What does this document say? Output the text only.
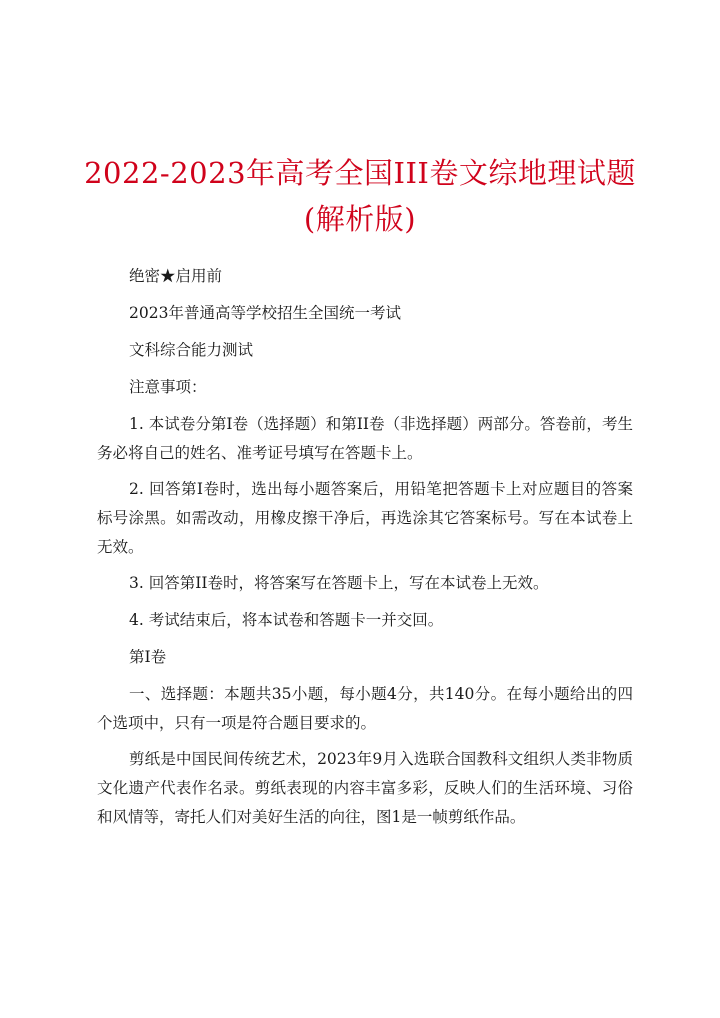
2022-2023年高考全国III卷文综地理试题(解析版)

绝密★启用前

2023年普通高等学校招生全国统一考试

文科综合能力测试

注意事项：

1. 本试卷分第I卷（选择题）和第II卷（非选择题）两部分。答卷前，考生务必将自己的姓名、准考证号填写在答题卡上。

2. 回答第I卷时，选出每小题答案后，用铅笔把答题卡上对应题目的答案标号涂黑。如需改动，用橡皮擦干净后，再选涂其它答案标号。写在本试卷上无效。

3. 回答第II卷时，将答案写在答题卡上，写在本试卷上无效。

4. 考试结束后，将本试卷和答题卡一并交回。

第I卷

一、选择题：本题共35小题，每小题4分，共140分。在每小题给出的四个选项中，只有一项是符合题目要求的。

剪纸是中国民间传统艺术，2023年9月入选联合国教科文组织人类非物质文化遗产代表作名录。剪纸表现的内容丰富多彩，反映人们的生活环境、习俗和风情等，寄托人们对美好生活的向往，图1是一帧剪纸作品。
